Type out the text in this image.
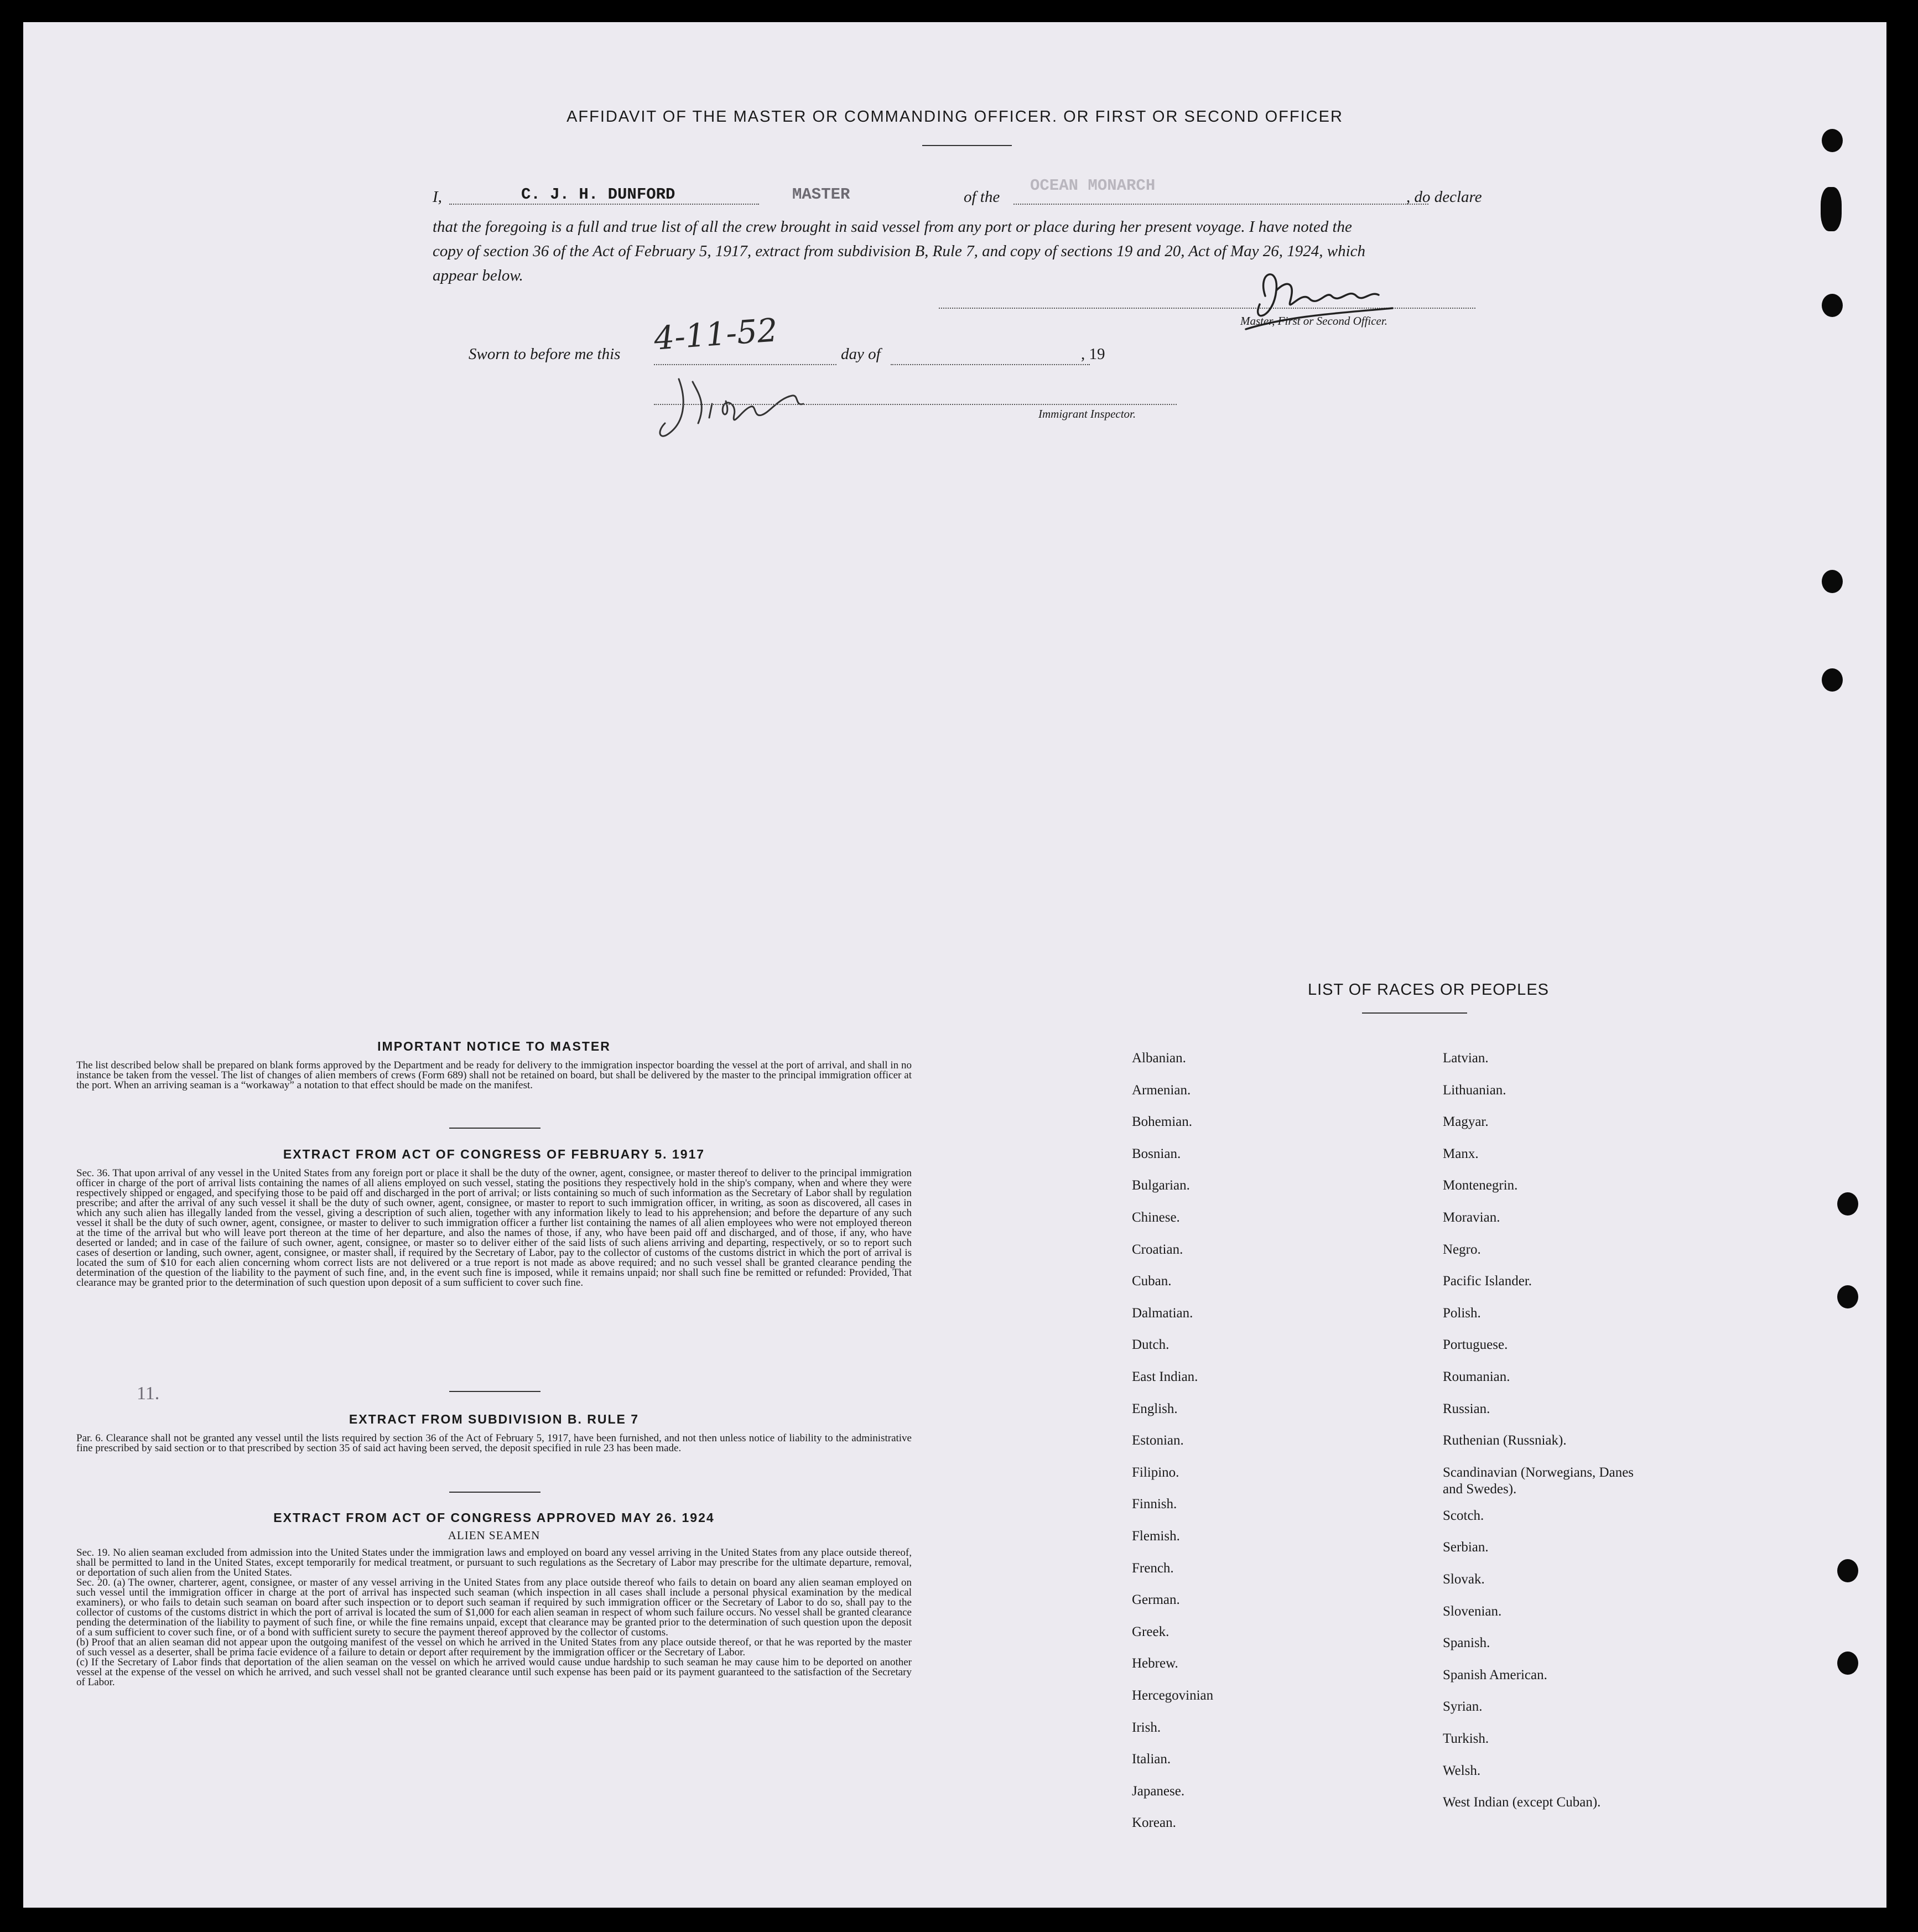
AFFIDAVIT OF THE MASTER OR COMMANDING OFFICER. OR FIRST OR SECOND OFFICER
I,	C. J. H. DUNFORD	MASTER	of the
OCEAN MONARCH
, do declare
that the foregoing is a full and true list of all the crew brought in said vessel from any port or place during her present voyage. I have noted the
copy of section 36 of the Act of February 5, 1917, extract from subdivision B, Rule 7, and copy of sections 19 and 20, Act of May 26, 1924, which
appear below.
Master, First or Second Officer.
Sworn to before me this 4-11-52	day of	, 19
Immigrant Inspector.
IMPORTANT NOTICE TO MASTER

The list described below shall be prepared on blank forms approved by the Department and be ready for delivery to the immigration inspector boarding the vessel at the port of arrival, and shall in no instance be taken from the vessel. The list of changes of alien members of crews (Form 689) shall not be retained on board, but shall be delivered by the master to the principal immigration officer at the port. When an arriving seaman is a “workaway” a notation to that effect should be made on the manifest.

EXTRACT FROM ACT OF CONGRESS OF FEBRUARY 5. 1917

Sec. 36. That upon arrival of any vessel in the United States from any foreign port or place it shall be the duty of the owner, agent, consignee, or master thereof to deliver to the principal immigration officer in charge of the port of arrival lists containing the names of all aliens employed on such vessel, stating the positions they respectively hold in the ship's company, when and where they were respectively shipped or engaged, and specifying those to be paid off and discharged in the port of arrival; or lists containing so much of such information as the Secretary of Labor shall by regulation prescribe; and after the arrival of any such vessel it shall be the duty of such owner, agent, consignee, or master to report to such immigration officer, in writing, as soon as discovered, all cases in which any such alien has illegally landed from the vessel, giving a description of such alien, together with any information likely to lead to his apprehension; and before the departure of any such vessel it shall be the duty of such owner, agent, consignee, or master to deliver to such immigration officer a further list containing the names of all alien employees who were not employed thereon at the time of the arrival but who will leave port thereon at the time of her departure, and also the names of those, if any, who have been paid off and discharged, and of those, if any, who have deserted or landed; and in case of the failure of such owner, agent, consignee, or master so to deliver either of the said lists of such aliens arriving and departing, respectively, or so to report such cases of desertion or landing, such owner, agent, consignee, or master shall, if required by the Secretary of Labor, pay to the collector of customs of the customs district in which the port of arrival is located the sum of $10 for each alien concerning whom correct lists are not delivered or a true report is not made as above required; and no such vessel shall be granted clearance pending the determination of the question of the liability to the payment of such fine, and, in the event such fine is imposed, while it remains unpaid; nor shall such fine be remitted or refunded: Provided, That clearance may be granted prior to the determination of such question upon deposit of a sum sufficient to cover such fine.

11.
EXTRACT FROM SUBDIVISION B. RULE 7

Par. 6. Clearance shall not be granted any vessel until the lists required by section 36 of the Act of February 5, 1917, have been furnished, and not then unless notice of liability to the administrative fine prescribed by said section or to that prescribed by section 35 of said act having been served, the deposit specified in rule 23 has been made.

EXTRACT FROM ACT OF CONGRESS APPROVED MAY 26. 1924
ALIEN SEAMEN

Sec. 19. No alien seaman excluded from admission into the United States under the immigration laws and employed on board any vessel arriving in the United States from any place outside thereof, shall be permitted to land in the United States, except temporarily for medical treatment, or pursuant to such regulations as the Secretary of Labor may prescribe for the ultimate departure, removal, or deportation of such alien from the United States.

Sec. 20. (a) The owner, charterer, agent, consignee, or master of any vessel arriving in the United States from any place outside thereof who fails to detain on board any alien seaman employed on such vessel until the immigration officer in charge at the port of arrival has inspected such seaman (which inspection in all cases shall include a personal physical examination by the medical examiners), or who fails to detain such seaman on board after such inspection or to deport such seaman if required by such immigration officer or the Secretary of Labor to do so, shall pay to the collector of customs of the customs district in which the port of arrival is located the sum of $1,000 for each alien seaman in respect of whom such failure occurs. No vessel shall be granted clearance pending the determination of the liability to payment of such fine, or while the fine remains unpaid, except that clearance may be granted prior to the determination of such question upon the deposit of a sum sufficient to cover such fine, or of a bond with sufficient surety to secure the payment thereof approved by the collector of customs.

(b) Proof that an alien seaman did not appear upon the outgoing manifest of the vessel on which he arrived in the United States from any place outside thereof, or that he was reported by the master of such vessel as a deserter, shall be prima facie evidence of a failure to detain or deport after requirement by the immigration officer or the Secretary of Labor.

(c) If the Secretary of Labor finds that deportation of the alien seaman on the vessel on which he arrived would cause undue hardship to such seaman he may cause him to be deported on another vessel at the expense of the vessel on which he arrived, and such vessel shall not be granted clearance until such expense has been paid or its payment guaranteed to the satisfaction of the Secretary of Labor.

LIST OF RACES OR PEOPLES
Albanian.
Armenian.
Bohemian.
Bosnian.
Bulgarian.
Chinese.
Croatian.
Cuban.
Dalmatian.
Dutch.
East Indian.
English.
Estonian.
Filipino.
Finnish.
Flemish.
French.
German.
Greek.
Hebrew.
Hercegovinian
Irish.
Italian.
Japanese.
Korean.
Latvian.
Lithuanian.
Magyar.
Manx.
Montenegrin.
Moravian.
Negro.
Pacific Islander.
Polish.
Portuguese.
Roumanian.
Russian.
Ruthenian (Russniak).
Scandinavian (Norwegians, Danes and Swedes).
Scotch.
Serbian.
Slovak.
Slovenian.
Spanish.
Spanish American.
Syrian.
Turkish.
Welsh.
West Indian (except Cuban).
